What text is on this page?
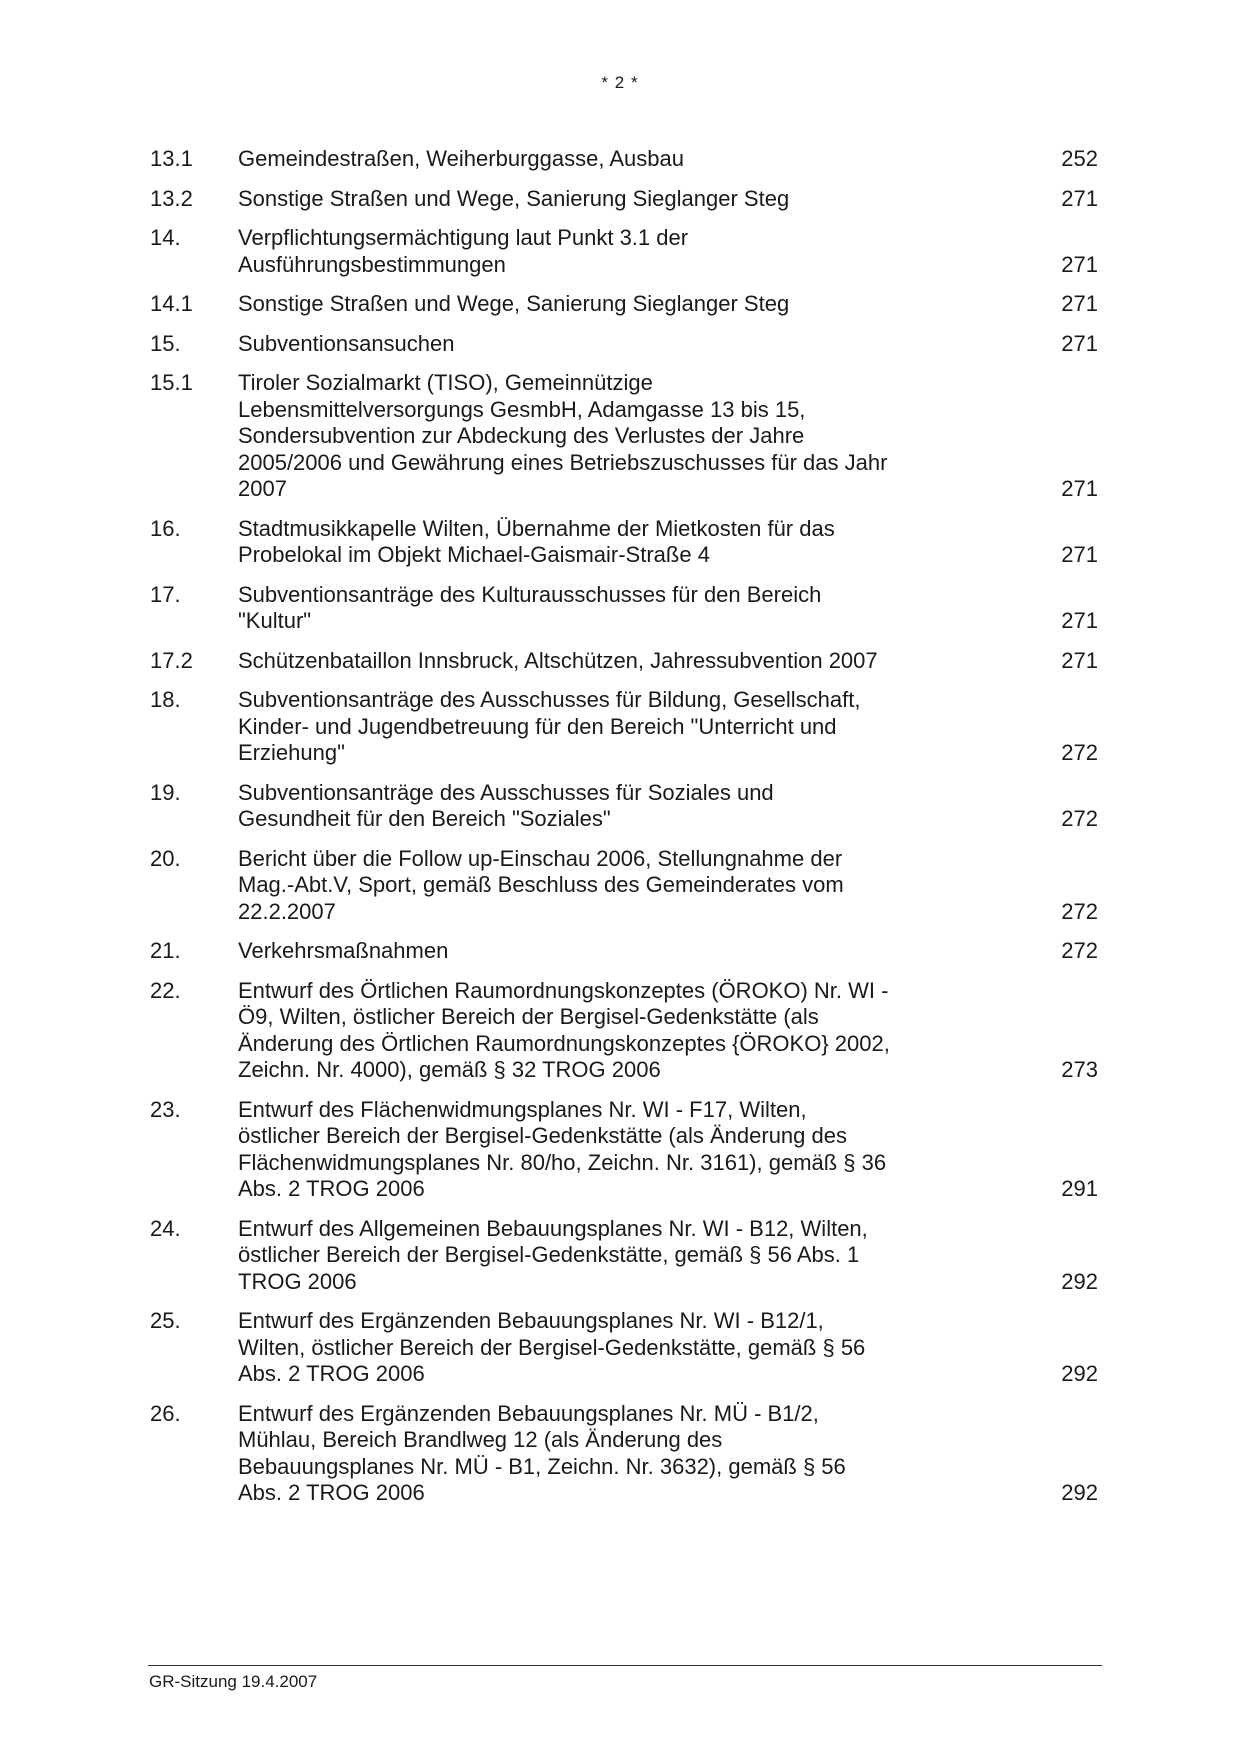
* 2 *
13.1	Gemeindestraßen, Weiherburggasse, Ausbau	252
13.2	Sonstige Straßen und Wege, Sanierung Sieglanger Steg	271
14.	Verpflichtungsermächtigung laut Punkt 3.1 der
Ausführungsbestimmungen	271
14.1	Sonstige Straßen und Wege, Sanierung Sieglanger Steg	271
15.	Subventionsansuchen	271
15.1	Tiroler Sozialmarkt (TISO), Gemeinnützige
Lebensmittelversorgungs GesmbH, Adamgasse 13 bis 15,
Sondersubvention zur Abdeckung des Verlustes der Jahre
2005/2006 und Gewährung eines Betriebszuschusses für das Jahr
2007	271
16.	Stadtmusikkapelle Wilten, Übernahme der Mietkosten für das
Probelokal im Objekt Michael-Gaismair-Straße 4	271
17.	Subventionsanträge des Kulturausschusses für den Bereich
"Kultur"	271
17.2	Schützenbataillon Innsbruck, Altschützen, Jahressubvention 2007	271
18.	Subventionsanträge des Ausschusses für Bildung, Gesellschaft,
Kinder- und Jugendbetreuung für den Bereich "Unterricht und
Erziehung"	272
19.	Subventionsanträge des Ausschusses für Soziales und
Gesundheit für den Bereich "Soziales"	272
20.	Bericht über die Follow up-Einschau 2006, Stellungnahme der
Mag.-Abt.V, Sport, gemäß Beschluss des Gemeinderates vom
22.2.2007	272
21.	Verkehrsmaßnahmen	272
22.	Entwurf des Örtlichen Raumordnungskonzeptes (ÖROKO) Nr. WI -
Ö9, Wilten, östlicher Bereich der Bergisel-Gedenkstätte (als
Änderung des Örtlichen Raumordnungskonzeptes {ÖROKO} 2002,
Zeichn. Nr. 4000), gemäß § 32 TROG 2006	273
23.	Entwurf des Flächenwidmungsplanes Nr. WI - F17, Wilten,
östlicher Bereich der Bergisel-Gedenkstätte (als Änderung des
Flächenwidmungsplanes Nr. 80/ho, Zeichn. Nr. 3161), gemäß § 36
Abs. 2 TROG 2006	291
24.	Entwurf des Allgemeinen Bebauungsplanes Nr. WI - B12, Wilten,
östlicher Bereich der Bergisel-Gedenkstätte, gemäß § 56 Abs. 1
TROG 2006	292
25.	Entwurf des Ergänzenden Bebauungsplanes Nr. WI - B12/1,
Wilten, östlicher Bereich der Bergisel-Gedenkstätte, gemäß § 56
Abs. 2 TROG 2006	292
26.	Entwurf des Ergänzenden Bebauungsplanes Nr. MÜ - B1/2,
Mühlau, Bereich Brandlweg 12 (als Änderung des
Bebauungsplanes Nr. MÜ - B1, Zeichn. Nr. 3632), gemäß § 56
Abs. 2 TROG 2006	292
GR-Sitzung 19.4.2007
